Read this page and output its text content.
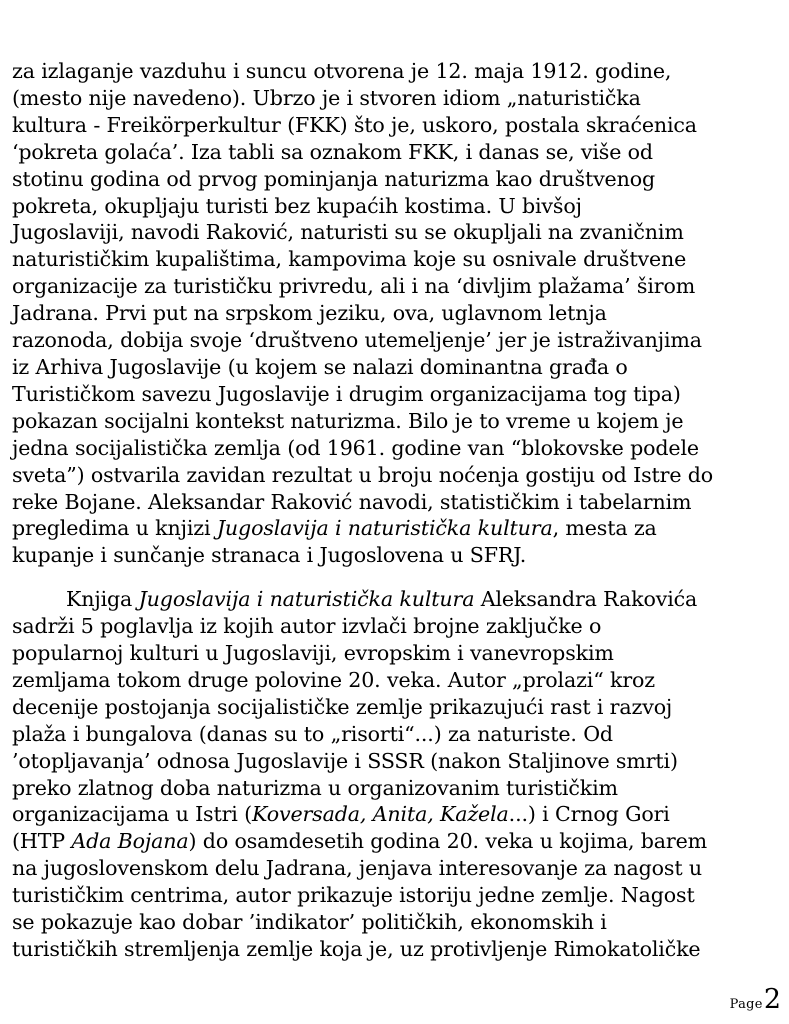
za izlaganje vazduhu i suncu otvorena je 12. maja 1912. godine,
(mesto nije navedeno). Ubrzo je i stvoren idiom „naturistička
kultura - Freikörperkultur (FKK) što je, uskoro, postala skraćenica
‘pokreta golaća’. Iza tabli sa oznakom FKK, i danas se, više od
stotinu godina od prvog pominjanja naturizma kao društvenog
pokreta, okupljaju turisti bez kupaćih kostima. U bivšoj
Jugoslaviji, navodi Raković, naturisti su se okupljali na zvaničnim
naturističkim kupalištima, kampovima koje su osnivale društvene
organizacije za turističku privredu, ali i na ‘divljim plažama’ širom
Jadrana. Prvi put na srpskom jeziku, ova, uglavnom letnja
razonoda, dobija svoje ‘društveno utemeljenje’ jer je istraživanjima
iz Arhiva Jugoslavije (u kojem se nalazi dominantna građa o
Turističkom savezu Jugoslavije i drugim organizacijama tog tipa)
pokazan socijalni kontekst naturizma. Bilo je to vreme u kojem je
jedna socijalistička zemlja (od 1961. godine van “blokovske podele
sveta”) ostvarila zavidan rezultat u broju noćenja gostiju od Istre do
reke Bojane. Aleksandar Raković navodi, statističkim i tabelarnim
pregledima u knjizi Jugoslavija i naturistička kultura, mesta za
kupanje i sunčanje stranaca i Jugoslovena u SFRJ.
Knjiga Jugoslavija i naturistička kultura Aleksandra Rakovića
sadrži 5 poglavlja iz kojih autor izvlači brojne zaključke o
popularnoj kulturi u Jugoslaviji, evropskim i vanevropskim
zemljama tokom druge polovine 20. veka. Autor „prolazi“ kroz
decenije postojanja socijalističke zemlje prikazujući rast i razvoj
plaža i bungalova (danas su to „risorti“...) za naturiste. Od
’otopljavanja’ odnosa Jugoslavije i SSSR (nakon Staljinove smrti)
preko zlatnog doba naturizma u organizovanim turističkim
organizacijama u Istri (Koversada, Anita, Kažela...) i Crnog Gori
(HTP Ada Bojana) do osamdesetih godina 20. veka u kojima, barem
na jugoslovenskom delu Jadrana, jenjava interesovanje za nagost u
turističkim centrima, autor prikazuje istoriju jedne zemlje. Nagost
se pokazuje kao dobar ’indikator’ političkih, ekonomskih i
turističkih stremljenja zemlje koja je, uz protivljenje Rimokatoličke
Page2
